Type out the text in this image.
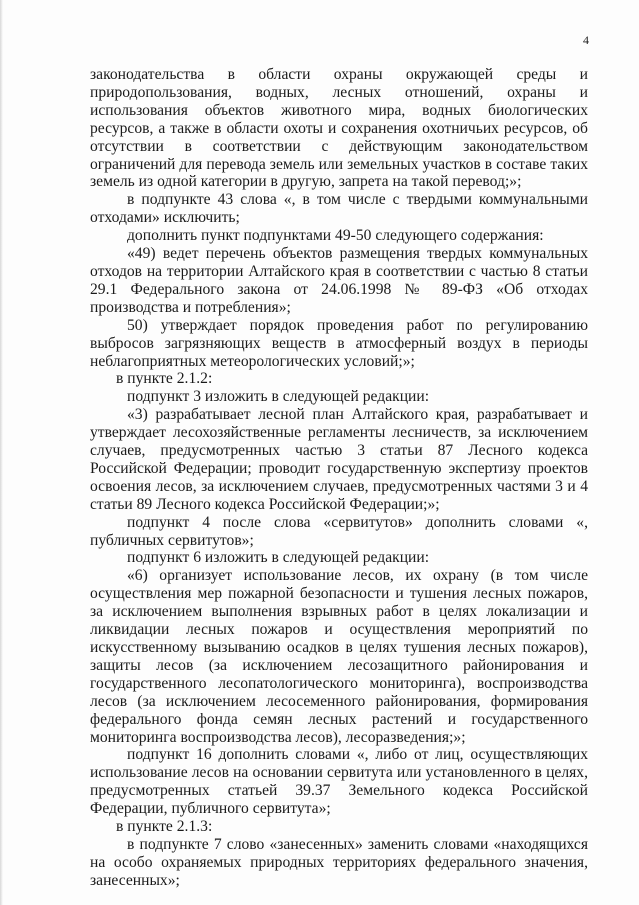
4

законодательства в области охраны окружающей среды и природопользования, водных, лесных отношений, охраны и использования объектов животного мира, водных биологических ресурсов, а также в области охоты и сохранения охотничьих ресурсов, об отсутствии в соответствии с действующим законодательством ограничений для перевода земель или земельных участков в составе таких земель из одной категории в другую, запрета на такой перевод;»;

в подпункте 43 слова «, в том числе с твердыми коммунальными отходами» исключить;

дополнить пункт подпунктами 49-50 следующего содержания:

«49) ведет перечень объектов размещения твердых коммунальных отходов на территории Алтайского края в соответствии с частью 8 статьи 29.1 Федерального закона от 24.06.1998 № 89-ФЗ «Об отходах производства и потребления»;

50) утверждает порядок проведения работ по регулированию выбросов загрязняющих веществ в атмосферный воздух в периоды неблагоприятных метеорологических условий;»;

в пункте 2.1.2:

подпункт 3 изложить в следующей редакции:

«3) разрабатывает лесной план Алтайского края, разрабатывает и утверждает лесохозяйственные регламенты лесничеств, за исключением случаев, предусмотренных частью 3 статьи 87 Лесного кодекса Российской Федерации; проводит государственную экспертизу проектов освоения лесов, за исключением случаев, предусмотренных частями 3 и 4 статьи 89 Лесного кодекса Российской Федерации;»;

подпункт 4 после слова «сервитутов» дополнить словами «, публичных сервитутов»;

подпункт 6 изложить в следующей редакции:

«6) организует использование лесов, их охрану (в том числе осуществления мер пожарной безопасности и тушения лесных пожаров, за исключением выполнения взрывных работ в целях локализации и ликвидации лесных пожаров и осуществления мероприятий по искусственному вызыванию осадков в целях тушения лесных пожаров), защиты лесов (за исключением лесозащитного районирования и государственного лесопатологического мониторинга), воспроизводства лесов (за исключением лесосеменного районирования, формирования федерального фонда семян лесных растений и государственного мониторинга воспроизводства лесов), лесоразведения;»;

подпункт 16 дополнить словами «, либо от лиц, осуществляющих использование лесов на основании сервитута или установленного в целях, предусмотренных статьей 39.37 Земельного кодекса Российской Федерации, публичного сервитута»;

в пункте 2.1.3:

в подпункте 7 слово «занесенных» заменить словами «находящихся на особо охраняемых природных территориях федерального значения, занесенных»;
